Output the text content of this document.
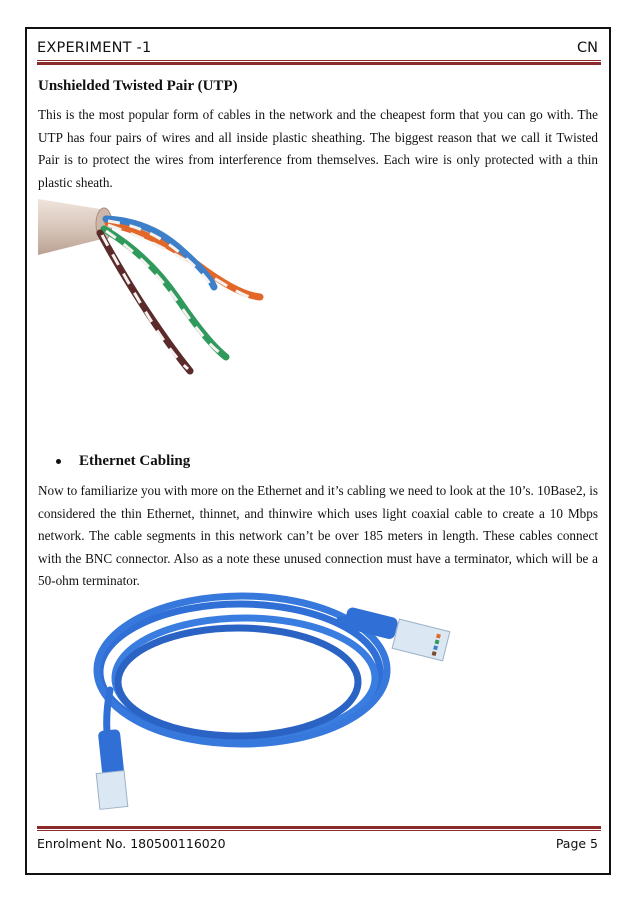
EXPERIMENT -1	CN
Unshielded Twisted Pair (UTP)

This is the most popular form of cables in the network and the cheapest form that you can go with. The UTP has four pairs of wires and all inside plastic sheathing. The biggest reason that we call it Twisted Pair is to protect the wires from interference from themselves. Each wire is only protected with a thin plastic sheath.

Ethernet Cabling

Now to familiarize you with more on the Ethernet and it’s cabling we need to look at the 10’s. 10Base2, is considered the thin Ethernet, thinnet, and thinwire which uses light coaxial cable to create a 10 Mbps network. The cable segments in this network can’t be over 185 meters in length. These cables connect with the BNC connector. Also as a note these unused connection must have a terminator, which will be a 50-ohm terminator.

Enrolment No. 180500116020	Page 5
